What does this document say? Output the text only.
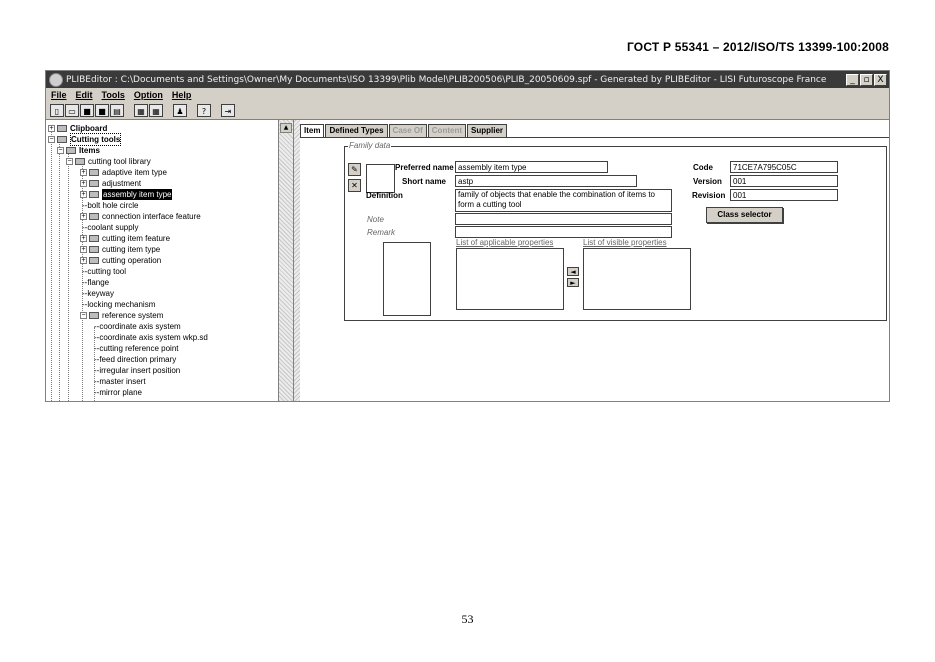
ГОСТ Р 55341 – 2012/ISO/TS 13399-100:2008
PLIBEditor : C:\Documents and Settings\Owner\My Documents\ISO 13399\Plib Model\PLIB200506\PLIB_20050609.spf - Generated by PLIBEditor - LISI Futuroscope France	_ ▫ X
File Edit Tools Option Help
▯	▭ ■ ■ ▤	▦ ▦	♟	?	⇥
+ Clipboard
− Cutting tools
− Items
− cutting tool library
+ adaptive item type
+ adjustment
+ assembly item type
-- bolt hole circle
+ connection interface feature
-- coolant supply
+ cutting item feature
+ cutting item type
+ cutting operation
-- cutting tool
-- flange
-- keyway
-- locking mechanism
− reference system
-- coordinate axis system
-- coordinate axis system wkp.sd
-- cutting reference point
-- feed direction primary
-- irregular insert position
-- master insert
-- mirror plane
▲	Item	Defined Types	Case Of	Content	Supplier
Family data
✎
✕
Preferred name assembly item type
Short name	astp
Definition	family of objects that enable the combination of items to form a cutting tool
Note
Remark
Code	71CE7A795C05C
Version	001
Revision 001
Class selector
List of applicable properties
◄
►
List of visible properties
53
